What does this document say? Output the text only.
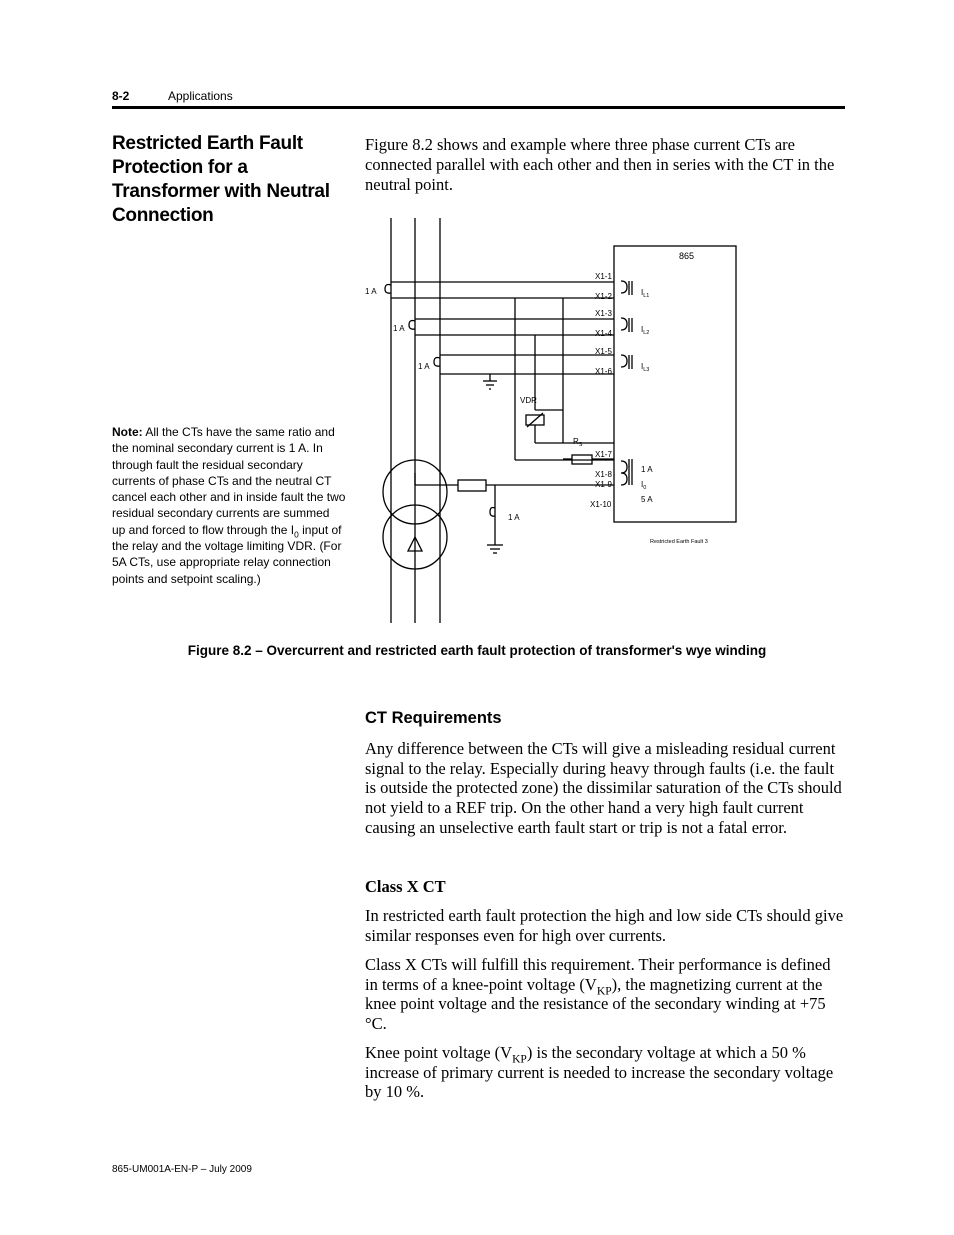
8-2	Applications
Restricted Earth Fault Protection for a Transformer with Neutral Connection
Figure 8.2 shows and example where three phase current CTs are connected parallel with each other and then in series with the CT in the neutral point.
Note: All the CTs have the same ratio and the nominal secondary current is 1 A. In through fault the residual secondary currents of phase CTs and the neutral CT cancel each other and in inside fault the two residual secondary currents are summed up and forced to flow through the $I_0$ input of the relay and the voltage limiting VDR. (For 5A CTs, use appropriate relay connection points and setpoint scaling.)
865
X1-1
X1-2
X1-3
X1-4
X1-5
X1-6
X1-7
X1-8
X1-9
X1-10
1 A
1 A
1 A
1 A
$I_{L1}$
$I_{L2}$
$I_{L3}$
1 A
$I_0$
5 A
VDR
$R_S$
Restricted Earth Fault 3
Figure 8.2 – Overcurrent and restricted earth fault protection of transformer's wye winding
CT Requirements
Any difference between the CTs will give a misleading residual current signal to the relay. Especially during heavy through faults (i.e. the fault is outside the protected zone) the dissimilar saturation of the CTs should not yield to a REF trip. On the other hand a very high fault current causing an unselective earth fault start or trip is not a fatal error.
Class X CT
In restricted earth fault protection the high and low side CTs should give similar responses even for high over currents.
Class X CTs will fulfill this requirement. Their performance is defined in terms of a knee-point voltage $(V_{KP})$, the magnetizing current at the knee point voltage and the resistance of the secondary winding at +75 °C.
Knee point voltage $(V_{KP})$ is the secondary voltage at which a 50 % increase of primary current is needed to increase the secondary voltage by 10 %.
865-UM001A-EN-P – July 2009
